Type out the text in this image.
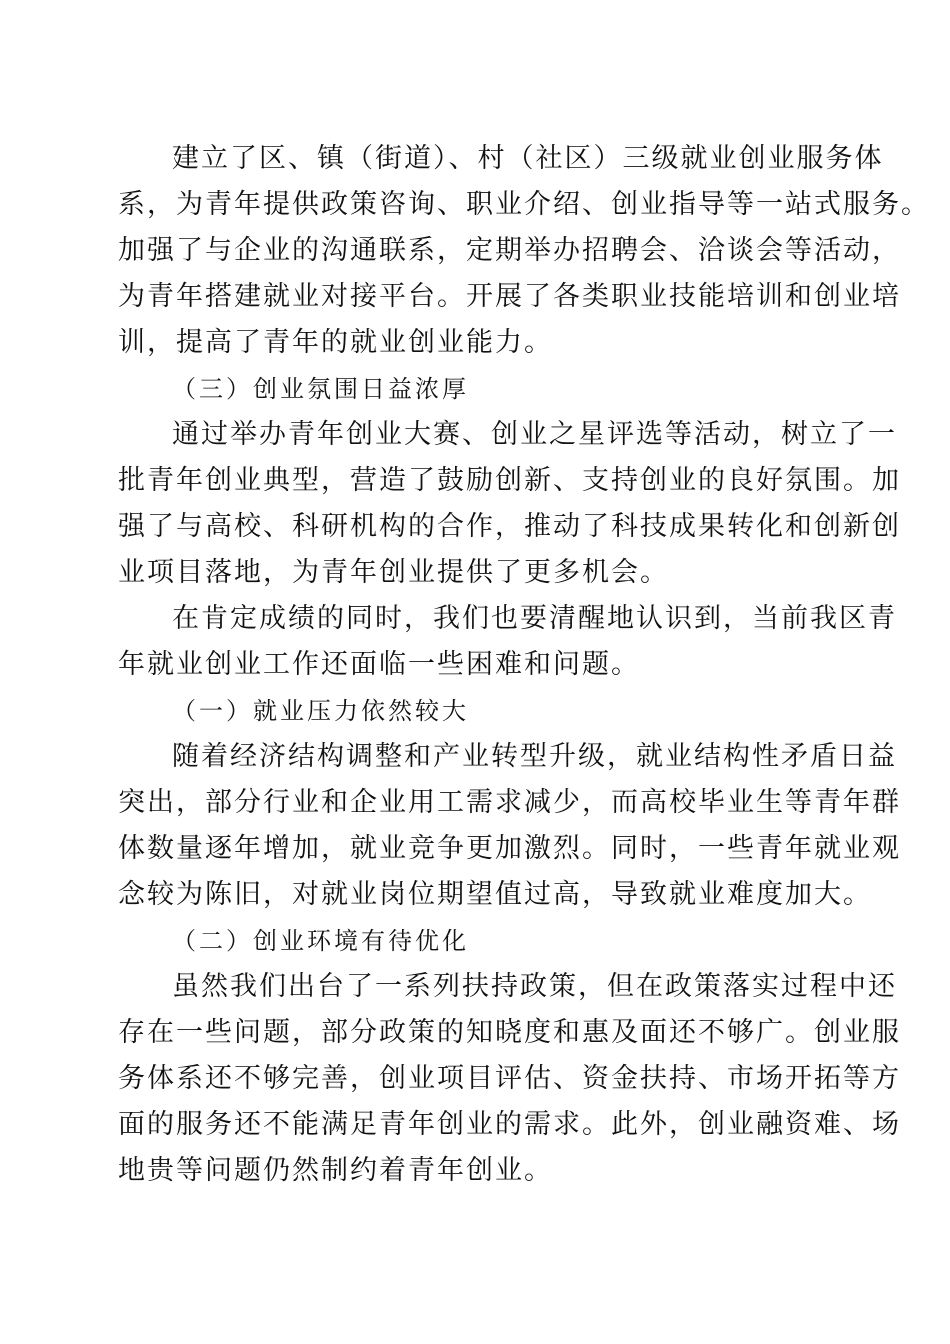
建立了区、镇（街道）、村（社区）三级就业创业服务体
系，为青年提供政策咨询、职业介绍、创业指导等一站式服务。
加强了与企业的沟通联系，定期举办招聘会、洽谈会等活动，
为青年搭建就业对接平台。开展了各类职业技能培训和创业培
训，提高了青年的就业创业能力。
（三）创业氛围日益浓厚
通过举办青年创业大赛、创业之星评选等活动，树立了一
批青年创业典型，营造了鼓励创新、支持创业的良好氛围。加
强了与高校、科研机构的合作，推动了科技成果转化和创新创
业项目落地，为青年创业提供了更多机会。
在肯定成绩的同时，我们也要清醒地认识到，当前我区青
年就业创业工作还面临一些困难和问题。
（一）就业压力依然较大
随着经济结构调整和产业转型升级，就业结构性矛盾日益
突出，部分行业和企业用工需求减少，而高校毕业生等青年群
体数量逐年增加，就业竞争更加激烈。同时，一些青年就业观
念较为陈旧，对就业岗位期望值过高，导致就业难度加大。
（二）创业环境有待优化
虽然我们出台了一系列扶持政策，但在政策落实过程中还
存在一些问题，部分政策的知晓度和惠及面还不够广。创业服
务体系还不够完善，创业项目评估、资金扶持、市场开拓等方
面的服务还不能满足青年创业的需求。此外，创业融资难、场
地贵等问题仍然制约着青年创业。
